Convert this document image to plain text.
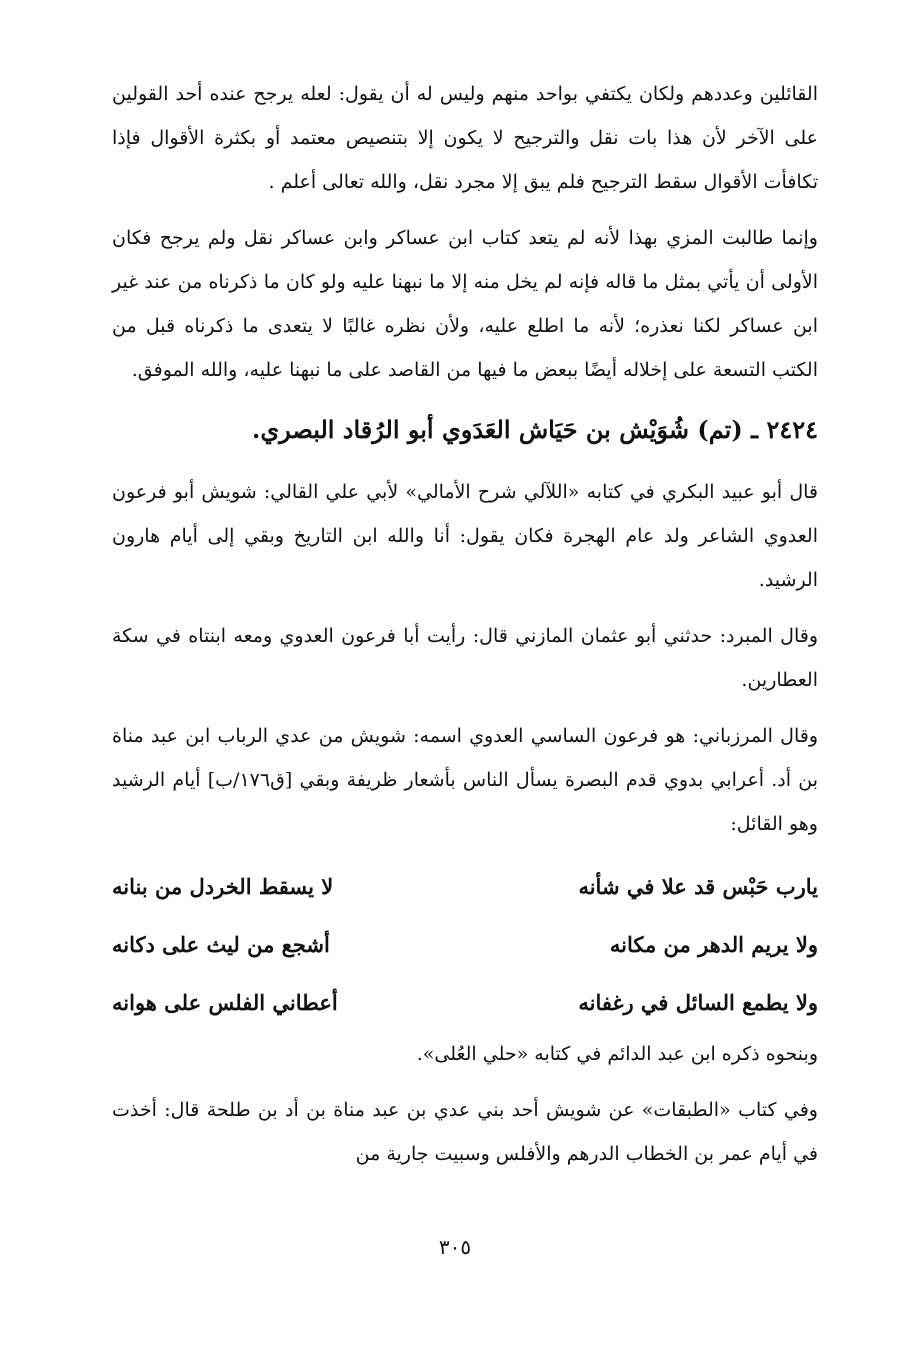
القائلين وعددهم ولكان يكتفي بواحد منهم وليس له أن يقول: لعله يرجح عنده أحد القولين على الآخر لأن هذا بات نقل والترجيح لا يكون إلا بتنصيص معتمد أو بكثرة الأقوال فإذا تكافأت الأقوال سقط الترجيح فلم يبق إلا مجرد نقل، والله تعالى أعلم .

وإنما طالبت المزي بهذا لأنه لم يتعد كتاب ابن عساكر وابن عساكر نقل ولم يرجح فكان الأولى أن يأتي بمثل ما قاله فإنه لم يخل منه إلا ما نبهنا عليه ولو كان ما ذكرناه من عند غير ابن عساكر لكنا نعذره؛ لأنه ما اطلع عليه، ولأن نظره غالبًا لا يتعدى ما ذكرناه قبل من الكتب التسعة على إخلاله أيضًا ببعض ما فيها من القاصد على ما نبهنا عليه، والله الموفق.

٢٤٢٤ ـ (تم) شُوَيْش بن حَيَاش العَدَوي أبو الرُقاد البصري.

قال أبو عبيد البكري في كتابه «اللآلي شرح الأمالي» لأبي علي القالي: شويش أبو فرعون العدوي الشاعر ولد عام الهجرة فكان يقول: أنا والله ابن التاريخ وبقي إلى أيام هارون الرشيد.

وقال المبرد: حدثني أبو عثمان المازني قال: رأيت أبا فرعون العدوي ومعه ابنتاه في سكة العطارين.

وقال المرزباني: هو فرعون الساسي العدوي اسمه: شويش من عدي الرباب ابن عبد مناة بن أد. أعرابي بدوي قدم البصرة يسأل الناس بأشعار ظريفة وبقي [ق١٧٦/ب] أيام الرشيد وهو القائل:

يارب حَبْس قد علا في شأنه
لا يسقط الخردل من بنانه
ولا يريم الدهر من مكانه
أشجع من ليث على دكانه
ولا يطمع السائل في رغفانه
أعطاني الفلس على هوانه

وبنحوه ذكره ابن عبد الدائم في كتابه «حلي العُلى».

وفي كتاب «الطبقات» عن شويش أحد بني عدي بن عبد مناة بن أد بن طلحة قال: أخذت في أيام عمر بن الخطاب الدرهم والأفلس وسبيت جارية من

٣٠٥
